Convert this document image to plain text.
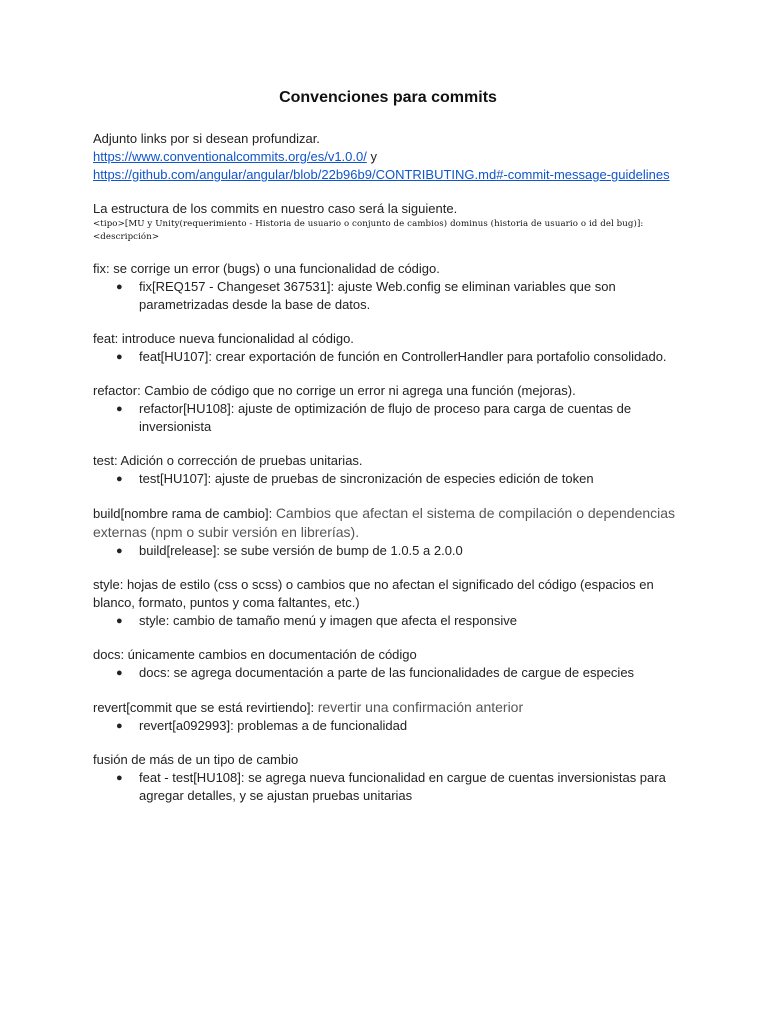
Convenciones para commits

Adjunto links por si desean profundizar.

https://www.conventionalcommits.org/es/v1.0.0/ y
https://github.com/angular/angular/blob/22b96b9/CONTRIBUTING.md#-commit-message-guidelines

La estructura de los commits en nuestro caso será la siguiente.

<tipo>[MU y Unity(requerimiento - Historia de usuario o conjunto de cambios) dominus (historia de usuario o id del bug)]: <descripción>

fix: se corrige un error (bugs) o una funcionalidad de código.

● fix[REQ157 - Changeset 367531]: ajuste Web.config se eliminan variables que son parametrizadas desde la base de datos.

feat: introduce nueva funcionalidad al código.

● feat[HU107]: crear exportación de función en ControllerHandler para portafolio consolidado.

refactor: Cambio de código que no corrige un error ni agrega una función (mejoras).

● refactor[HU108]: ajuste de optimización de flujo de proceso para carga de cuentas de inversionista

test: Adición o corrección de pruebas unitarias.

● test[HU107]: ajuste de pruebas de sincronización de especies edición de token

build[nombre rama de cambio]: Cambios que afectan el sistema de compilación o dependencias externas (npm o subir versión en librerías).

● build[release]: se sube versión de bump de 1.0.5 a 2.0.0

style: hojas de estilo (css o scss) o cambios que no afectan el significado del código (espacios en blanco, formato, puntos y coma faltantes, etc.)

● style: cambio de tamaño menú y imagen que afecta el responsive

docs: únicamente cambios en documentación de código

● docs: se agrega documentación a parte de las funcionalidades de cargue de especies

revert[commit que se está revirtiendo]: revertir una confirmación anterior

● revert[a092993]: problemas a de funcionalidad

fusión de más de un tipo de cambio

● feat - test[HU108]: se agrega nueva funcionalidad en cargue de cuentas inversionistas para agregar detalles, y se ajustan pruebas unitarias
